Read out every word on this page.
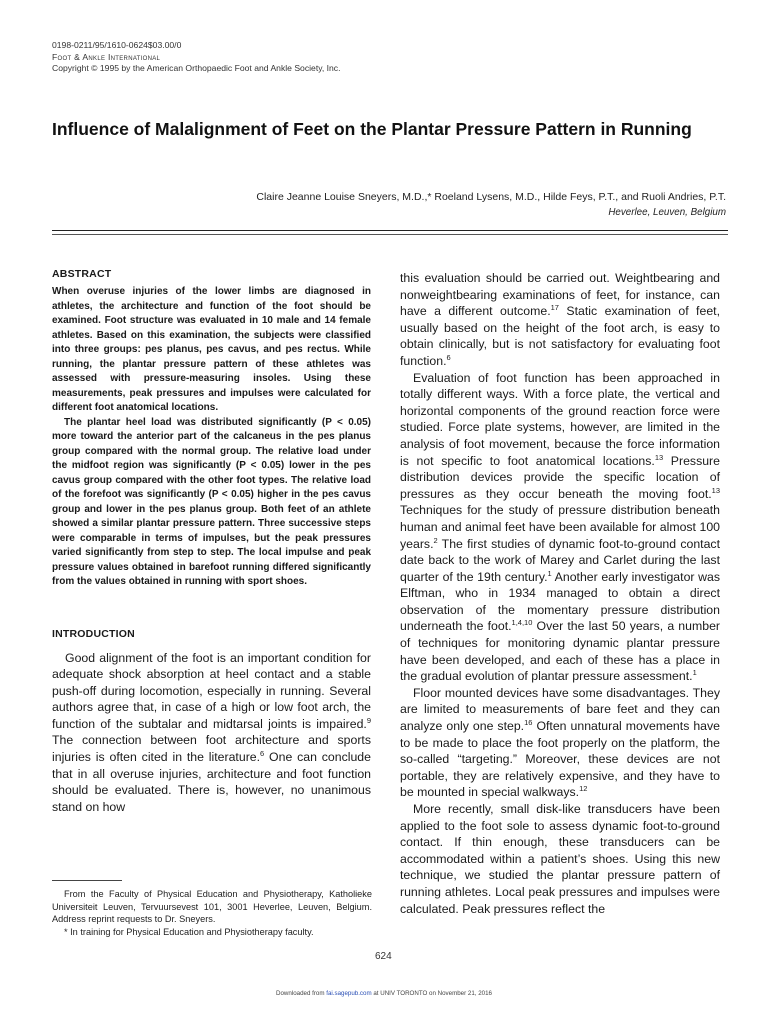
0198-0211/95/1610-0624$03.00/0
Foot & Ankle International
Copyright © 1995 by the American Orthopaedic Foot and Ankle Society, Inc.
Influence of Malalignment of Feet on the Plantar Pressure Pattern in Running
Claire Jeanne Louise Sneyers, M.D.,* Roeland Lysens, M.D., Hilde Feys, P.T., and Ruoli Andries, P.T.
Heverlee, Leuven, Belgium
ABSTRACT

When overuse injuries of the lower limbs are diagnosed in athletes, the architecture and function of the foot should be examined. Foot structure was evaluated in 10 male and 14 female athletes. Based on this examination, the subjects were classified into three groups: pes planus, pes cavus, and pes rectus. While running, the plantar pressure pattern of these athletes was assessed with pressure-measuring insoles. Using these measurements, peak pressures and impulses were calculated for different foot anatomical locations.

The plantar heel load was distributed significantly (P < 0.05) more toward the anterior part of the calcaneus in the pes planus group compared with the normal group. The relative load under the midfoot region was significantly (P < 0.05) lower in the pes cavus group compared with the other foot types. The relative load of the forefoot was significantly (P < 0.05) higher in the pes cavus group and lower in the pes planus group. Both feet of an athlete showed a similar plantar pressure pattern. Three successive steps were comparable in terms of impulses, but the peak pressures varied significantly from step to step. The local impulse and peak pressure values obtained in barefoot running differed significantly from the values obtained in running with sport shoes.

INTRODUCTION

Good alignment of the foot is an important condition for adequate shock absorption at heel contact and a stable push-off during locomotion, especially in running. Several authors agree that, in case of a high or low foot arch, the function of the subtalar and midtarsal joints is impaired.$^9$ The connection between foot architecture and sports injuries is often cited in the literature.$^6$ One can conclude that in all overuse injuries, architecture and foot function should be evaluated. There is, however, no unanimous stand on how

this evaluation should be carried out. Weightbearing and nonweightbearing examinations of feet, for instance, can have a different outcome.$^{17}$ Static examination of feet, usually based on the height of the foot arch, is easy to obtain clinically, but is not satisfactory for evaluating foot function.$^6$

Evaluation of foot function has been approached in totally different ways. With a force plate, the vertical and horizontal components of the ground reaction force were studied. Force plate systems, however, are limited in the analysis of foot movement, because the force information is not specific to foot anatomical locations.$^{13}$ Pressure distribution devices provide the specific location of pressures as they occur beneath the moving foot.$^{13}$ Techniques for the study of pressure distribution beneath human and animal feet have been available for almost 100 years.$^2$ The first studies of dynamic foot-to-ground contact date back to the work of Marey and Carlet during the last quarter of the 19th century.$^1$ Another early investigator was Elftman, who in 1934 managed to obtain a direct observation of the momentary pressure distribution underneath the foot.$^{1,4,10}$ Over the last 50 years, a number of techniques for monitoring dynamic plantar pressure have been developed, and each of these has a place in the gradual evolution of plantar pressure assessment.$^1$

Floor mounted devices have some disadvantages. They are limited to measurements of bare feet and they can analyze only one step.$^{16}$ Often unnatural movements have to be made to place the foot properly on the platform, the so-called “targeting.” Moreover, these devices are not portable, they are relatively expensive, and they have to be mounted in special walkways.$^{12}$

More recently, small disk-like transducers have been applied to the foot sole to assess dynamic foot-to-ground contact. If thin enough, these transducers can be accommodated within a patient’s shoes. Using this new technique, we studied the plantar pressure pattern of running athletes. Local peak pressures and impulses were calculated. Peak pressures reflect the

From the Faculty of Physical Education and Physiotherapy, Katholieke Universiteit Leuven, Tervuursevest 101, 3001 Heverlee, Leuven, Belgium. Address reprint requests to Dr. Sneyers.

* In training for Physical Education and Physiotherapy faculty.

624
Downloaded from fai.sagepub.com at UNIV TORONTO on November 21, 2016
